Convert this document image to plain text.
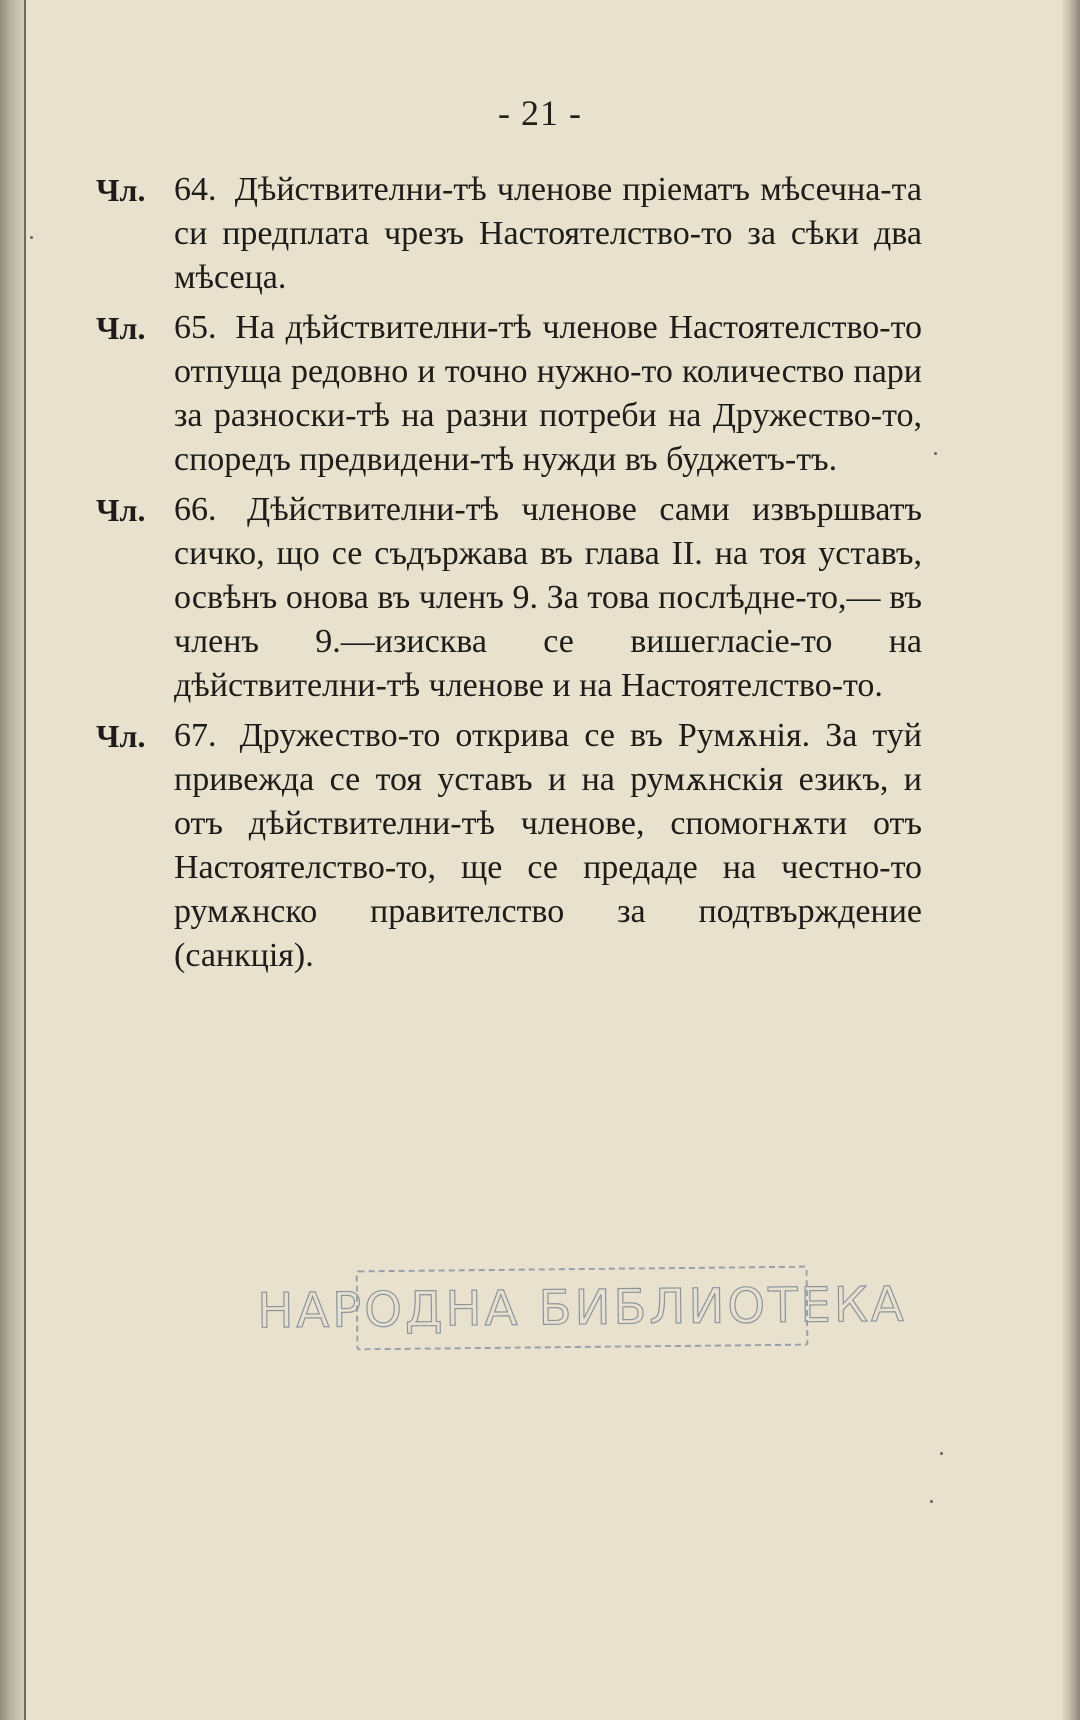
- 21 -
Чл. 64. Дѣйствителни-тѣ членове пріематъ мѣсечна-та си предплата чрезъ Настоятелство-то за сѣки два мѣсеца.
Чл. 65. На дѣйствителни-тѣ членове Настоятелство-то отпуща редовно и точно нужно-то количество пари за разноски-тѣ на разни потреби на Дружество-то, споредъ предвидени-тѣ нужди въ буджетъ-тъ.
Чл. 66. Дѣйствителни-тѣ членове сами извършватъ сичко, що се съдържава въ глава II. на тоя уставъ, освѣнъ онова въ членъ 9. За това послѣдне-то,— въ членъ 9.—изисква се вишегласіе-то на дѣйствителни-тѣ членове и на Настоятелство-то.
Чл. 67. Дружество-то открива се въ Румѫнія. За туй привежда се тоя уставъ и на румѫнскія езикъ, и отъ дѣйствителни-тѣ членове, спомогнѫти отъ Настоятелство-то, ще се предаде на честно-то румѫнско правителство за подтвърждение (санкція).
НАРОДНА БИБЛИОТЕКА
